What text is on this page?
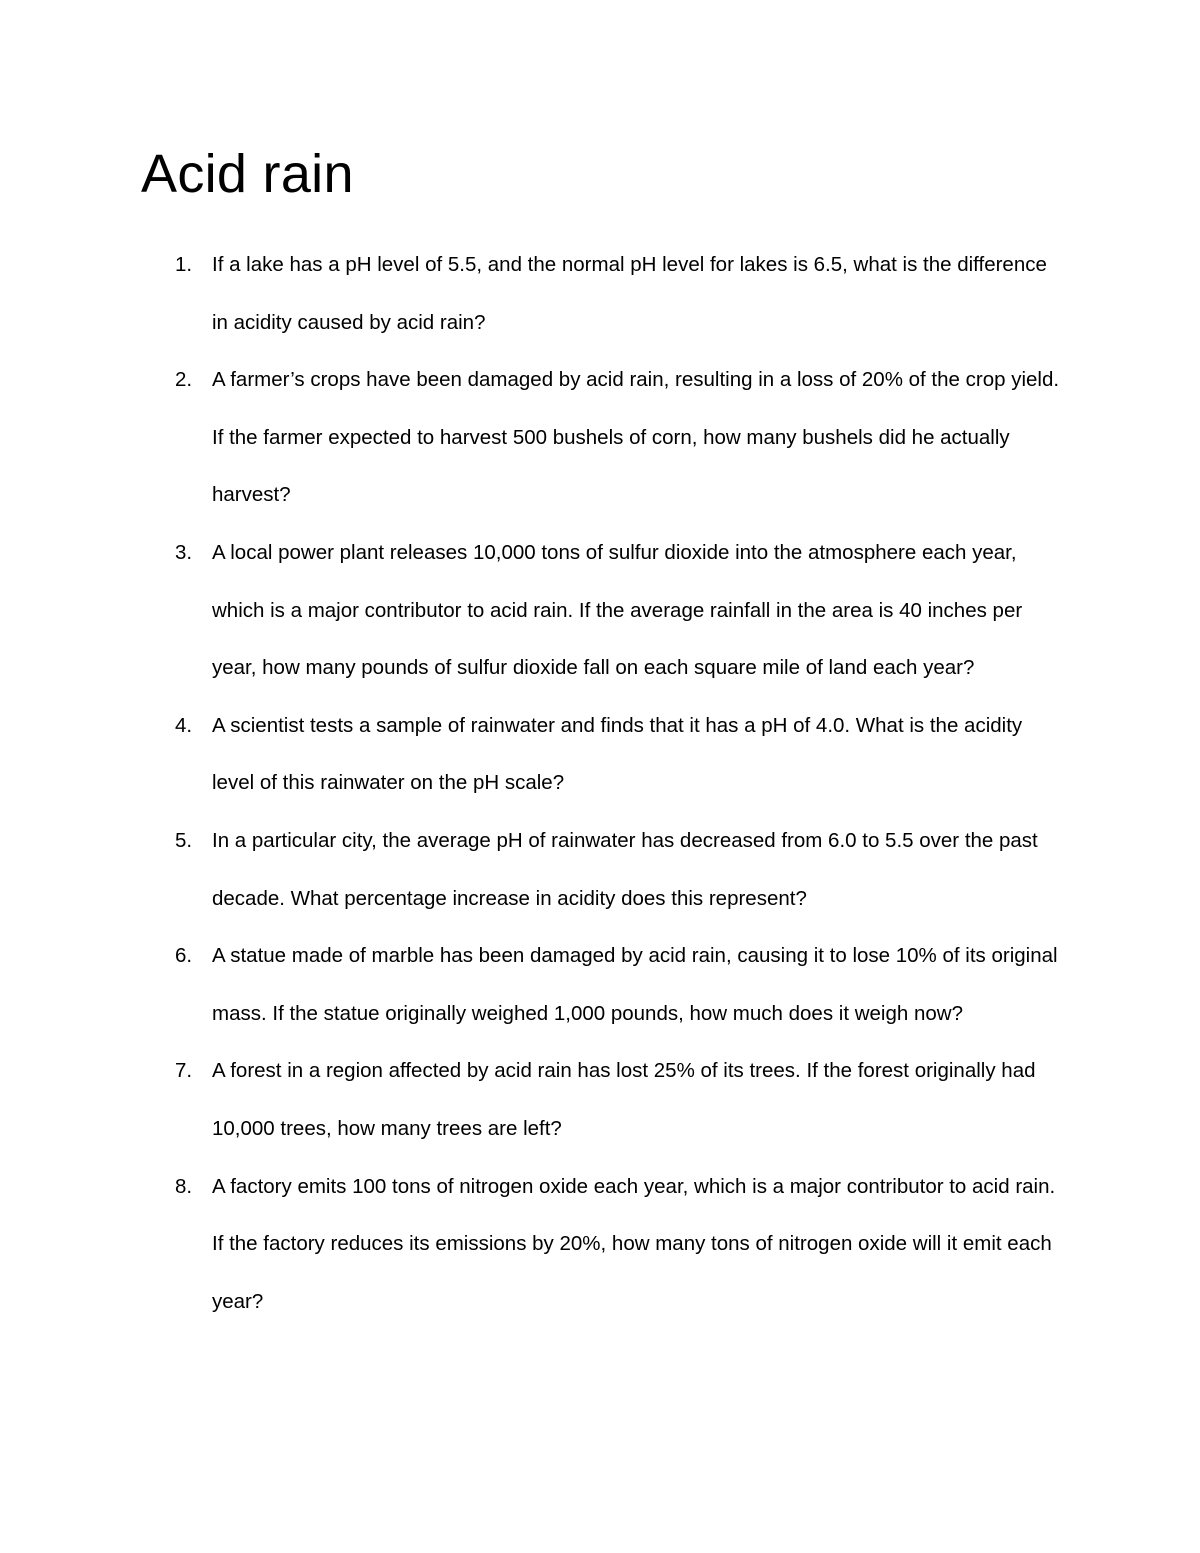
Acid rain
1. If a lake has a pH level of 5.5, and the normal pH level for lakes is 6.5, what is the difference in acidity caused by acid rain?
2. A farmer’s crops have been damaged by acid rain, resulting in a loss of 20% of the crop yield. If the farmer expected to harvest 500 bushels of corn, how many bushels did he actually harvest?
3. A local power plant releases 10,000 tons of sulfur dioxide into the atmosphere each year, which is a major contributor to acid rain. If the average rainfall in the area is 40 inches per year, how many pounds of sulfur dioxide fall on each square mile of land each year?
4. A scientist tests a sample of rainwater and finds that it has a pH of 4.0. What is the acidity level of this rainwater on the pH scale?
5. In a particular city, the average pH of rainwater has decreased from 6.0 to 5.5 over the past decade. What percentage increase in acidity does this represent?
6. A statue made of marble has been damaged by acid rain, causing it to lose 10% of its original mass. If the statue originally weighed 1,000 pounds, how much does it weigh now?
7. A forest in a region affected by acid rain has lost 25% of its trees. If the forest originally had 10,000 trees, how many trees are left?
8. A factory emits 100 tons of nitrogen oxide each year, which is a major contributor to acid rain. If the factory reduces its emissions by 20%, how many tons of nitrogen oxide will it emit each year?
